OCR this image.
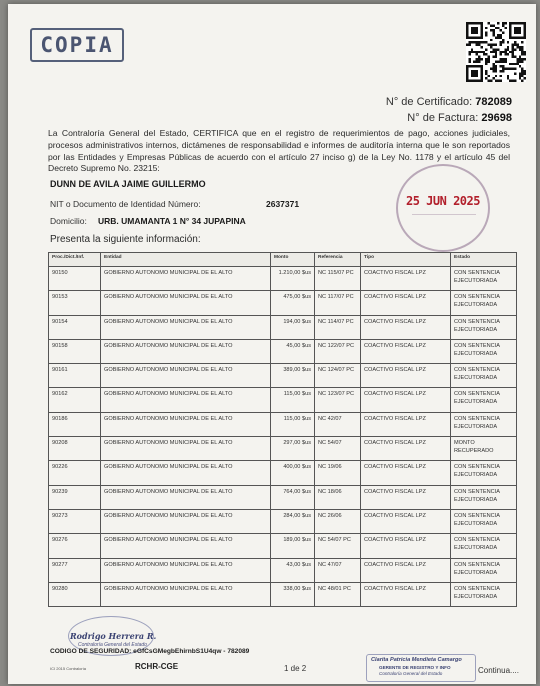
COPIA
N° de Certificado: 782089
N° de Factura: 29698
La Contraloría General del Estado, CERTIFICA que en el registro de requerimientos de pago, acciones judiciales, procesos administrativos internos, dictámenes de responsabilidad e informes de auditoría interna que le son reportados por las Entidades y Empresas Públicas de acuerdo con el artículo 27 inciso g) de la Ley No. 1178 y el artículo 45 del Decreto Supremo No. 23215:
DUNN DE AVILA JAIME GUILLERMO
NIT o Documento de Identidad Número:	2637371
Domicilio: URB. UMAMANTA 1 N° 34 JUPAPINA
Presenta la siguiente información:
25 JUN 2025
Proc./Dict./Inf.	Entidad	Monto	Referencia	Tipo	Estado
90150	GOBIERNO AUTONOMO MUNICIPAL DE EL ALTO	1.210,00 $us	NC 115/07 PC	COACTIVO FISCAL LPZ	CON SENTENCIA EJECUTORIADA
90153	GOBIERNO AUTONOMO MUNICIPAL DE EL ALTO	475,00 $us	NC 117/07 PC	COACTIVO FISCAL LPZ	CON SENTENCIA EJECUTORIADA
90154	GOBIERNO AUTONOMO MUNICIPAL DE EL ALTO	194,00 $us	NC 114/07 PC	COACTIVO FISCAL LPZ	CON SENTENCIA EJECUTORIADA
90158	GOBIERNO AUTONOMO MUNICIPAL DE EL ALTO	45,00 $us	NC 122/07 PC	COACTIVO FISCAL LPZ	CON SENTENCIA EJECUTORIADA
90161	GOBIERNO AUTONOMO MUNICIPAL DE EL ALTO	389,00 $us	NC 124/07 PC	COACTIVO FISCAL LPZ	CON SENTENCIA EJECUTORIADA
90162	GOBIERNO AUTONOMO MUNICIPAL DE EL ALTO	115,00 $us	NC 123/07 PC	COACTIVO FISCAL LPZ	CON SENTENCIA EJECUTORIADA
90186	GOBIERNO AUTONOMO MUNICIPAL DE EL ALTO	115,00 $us	NC 42/07	COACTIVO FISCAL LPZ	CON SENTENCIA EJECUTORIADA
90208	GOBIERNO AUTONOMO MUNICIPAL DE EL ALTO	297,00 $us	NC 54/07	COACTIVO FISCAL LPZ	MONTO RECUPERADO
90226	GOBIERNO AUTONOMO MUNICIPAL DE EL ALTO	400,00 $us	NC 19/06	COACTIVO FISCAL LPZ	CON SENTENCIA EJECUTORIADA
90239	GOBIERNO AUTONOMO MUNICIPAL DE EL ALTO	764,00 $us	NC 18/06	COACTIVO FISCAL LPZ	CON SENTENCIA EJECUTORIADA
90273	GOBIERNO AUTONOMO MUNICIPAL DE EL ALTO	284,00 $us	NC 26/06	COACTIVO FISCAL LPZ	CON SENTENCIA EJECUTORIADA
90276	GOBIERNO AUTONOMO MUNICIPAL DE EL ALTO	189,00 $us	NC 54/07 PC	COACTIVO FISCAL LPZ	CON SENTENCIA EJECUTORIADA
90277	GOBIERNO AUTONOMO MUNICIPAL DE EL ALTO	43,00 $us	NC 47/07	COACTIVO FISCAL LPZ	CON SENTENCIA EJECUTORIADA
90280	GOBIERNO AUTONOMO MUNICIPAL DE EL ALTO	338,00 $us	NC 48/01 PC	COACTIVO FISCAL LPZ	CON SENTENCIA EJECUTORIADA
Rodrigo Herrera R.
Contraloría General del Estado
CODIGO DE SEGURIDAD: eGfCsGMegbEhirnbS1U4qw - 782089
RCHR-CGE
ICI 2015 Contraloría	1 de 2
Clarita Patricia Mendieta Camargo
GERENTE DE REGISTRO Y INFO
Contraloría General del Estado	Continua....
